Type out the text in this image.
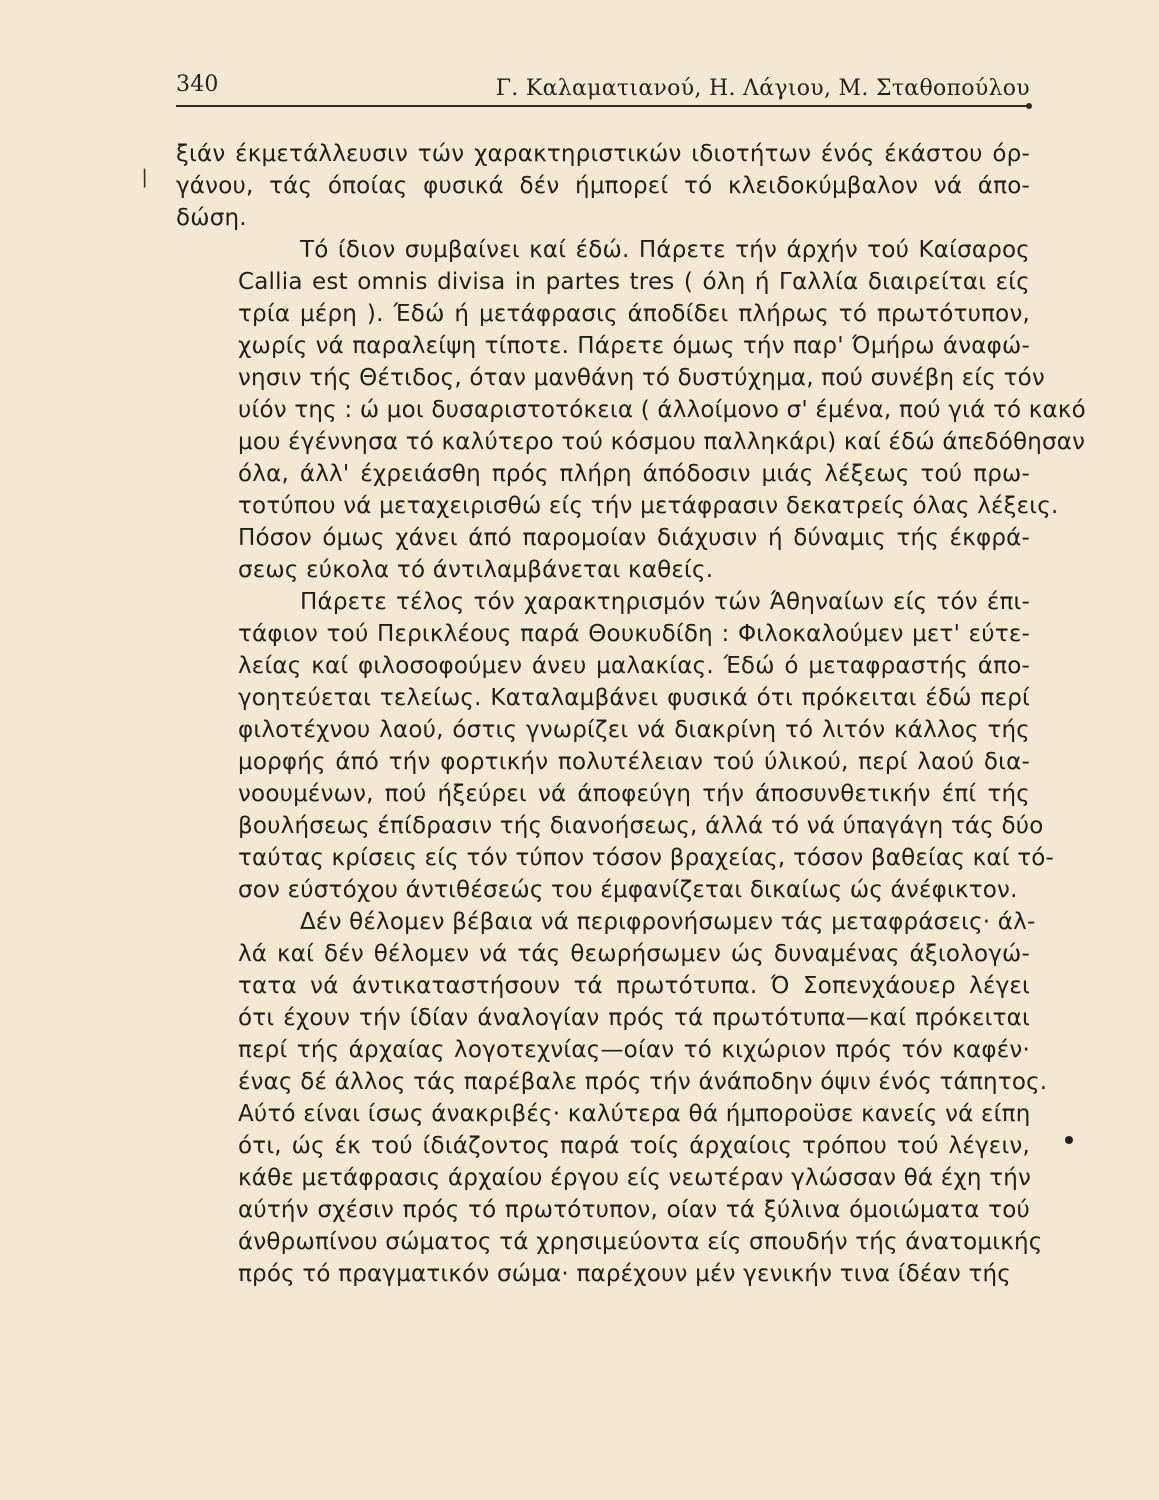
340	Γ. Καλαματιανού, Η. Λάγιου, Μ. Σταθοπούλου
/
ξιάν έκμετάλλευσιν τών χαρακτηριστικών ιδιοτήτων ένός έκάστου όρ-
γάνου, τάς όποίας φυσικά δέν ήμπορεί τό κλειδοκύμβαλον νά άπο-
δώση.
Τό ίδιον συμβαίνει καί έδώ. Πάρετε τήν άρχήν τού Καίσαρος
Callia est omnis divisa in partes tres ( όλη ή Γαλλία διαιρείται είς
τρία μέρη ). Έδώ ή μετάφρασις άποδίδει πλήρως τό πρωτότυπον,
χωρίς νά παραλείψη τίποτε. Πάρετε όμως τήν παρ' Όμήρω άναφώ-
νησιν τής Θέτιδος, όταν μανθάνη τό δυστύχημα, πού συνέβη είς τόν
υίόν της : ώ μοι δυσαριστοτόκεια ( άλλοίμονο σ' έμένα, πού γιά τό κακό
μου έγέννησα τό καλύτερο τού κόσμου παλληκάρι) καί έδώ άπεδόθησαν
όλα, άλλ' έχρειάσθη πρός πλήρη άπόδοσιν μιάς λέξεως τού πρω-
τοτύπου νά μεταχειρισθώ είς τήν μετάφρασιν δεκατρείς όλας λέξεις.
Πόσον όμως χάνει άπό παρομοίαν διάχυσιν ή δύναμις τής έκφρά-
σεως εύκολα τό άντιλαμβάνεται καθείς.
Πάρετε τέλος τόν χαρακτηρισμόν τών Άθηναίων είς τόν έπι-
τάφιον τού Περικλέους παρά Θουκυδίδη : Φιλοκαλούμεν μετ' εύτε-
λείας καί φιλοσοφούμεν άνευ μαλακίας. Έδώ ό μεταφραστής άπο-
γοητεύεται τελείως. Καταλαμβάνει φυσικά ότι πρόκειται έδώ περί
φιλοτέχνου λαού, όστις γνωρίζει νά διακρίνη τό λιτόν κάλλος τής
μορφής άπό τήν φορτικήν πολυτέλειαν τού ύλικού, περί λαού δια-
νοουμένων, πού ήξεύρει νά άποφεύγη τήν άποσυνθετικήν έπί τής
βουλήσεως έπίδρασιν τής διανοήσεως, άλλά τό νά ύπαγάγη τάς δύο
ταύτας κρίσεις είς τόν τύπον τόσον βραχείας, τόσον βαθείας καί τό-
σον εύστόχου άντιθέσεώς του έμφανίζεται δικαίως ώς άνέφικτον.
Δέν θέλομεν βέβαια νά περιφρονήσωμεν τάς μεταφράσεις· άλ-
λά καί δέν θέλομεν νά τάς θεωρήσωμεν ώς δυναμένας άξιολογώ-
τατα νά άντικαταστήσουν τά πρωτότυπα. Ό Σοπενχάουερ λέγει
ότι έχουν τήν ίδίαν άναλογίαν πρός τά πρωτότυπα—καί πρόκειται
περί τής άρχαίας λογοτεχνίας—οίαν τό κιχώριον πρός τόν καφέν·
ένας δέ άλλος τάς παρέβαλε πρός τήν άνάποδην όψιν ένός τάπητος.
Αύτό είναι ίσως άνακριβές· καλύτερα θά ήμποροϋσε κανείς νά είπη
ότι, ώς έκ τού ίδιάζοντος παρά τοίς άρχαίοις τρόπου τού λέγειν,
κάθε μετάφρασις άρχαίου έργου είς νεωτέραν γλώσσαν θά έχη τήν
αύτήν σχέσιν πρός τό πρωτότυπον, οίαν τά ξύλινα όμοιώματα τού
άνθρωπίνου σώματος τά χρησιμεύοντα είς σπουδήν τής άνατομικής
πρός τό πραγματικόν σώμα· παρέχουν μέν γενικήν τινα ίδέαν τής
